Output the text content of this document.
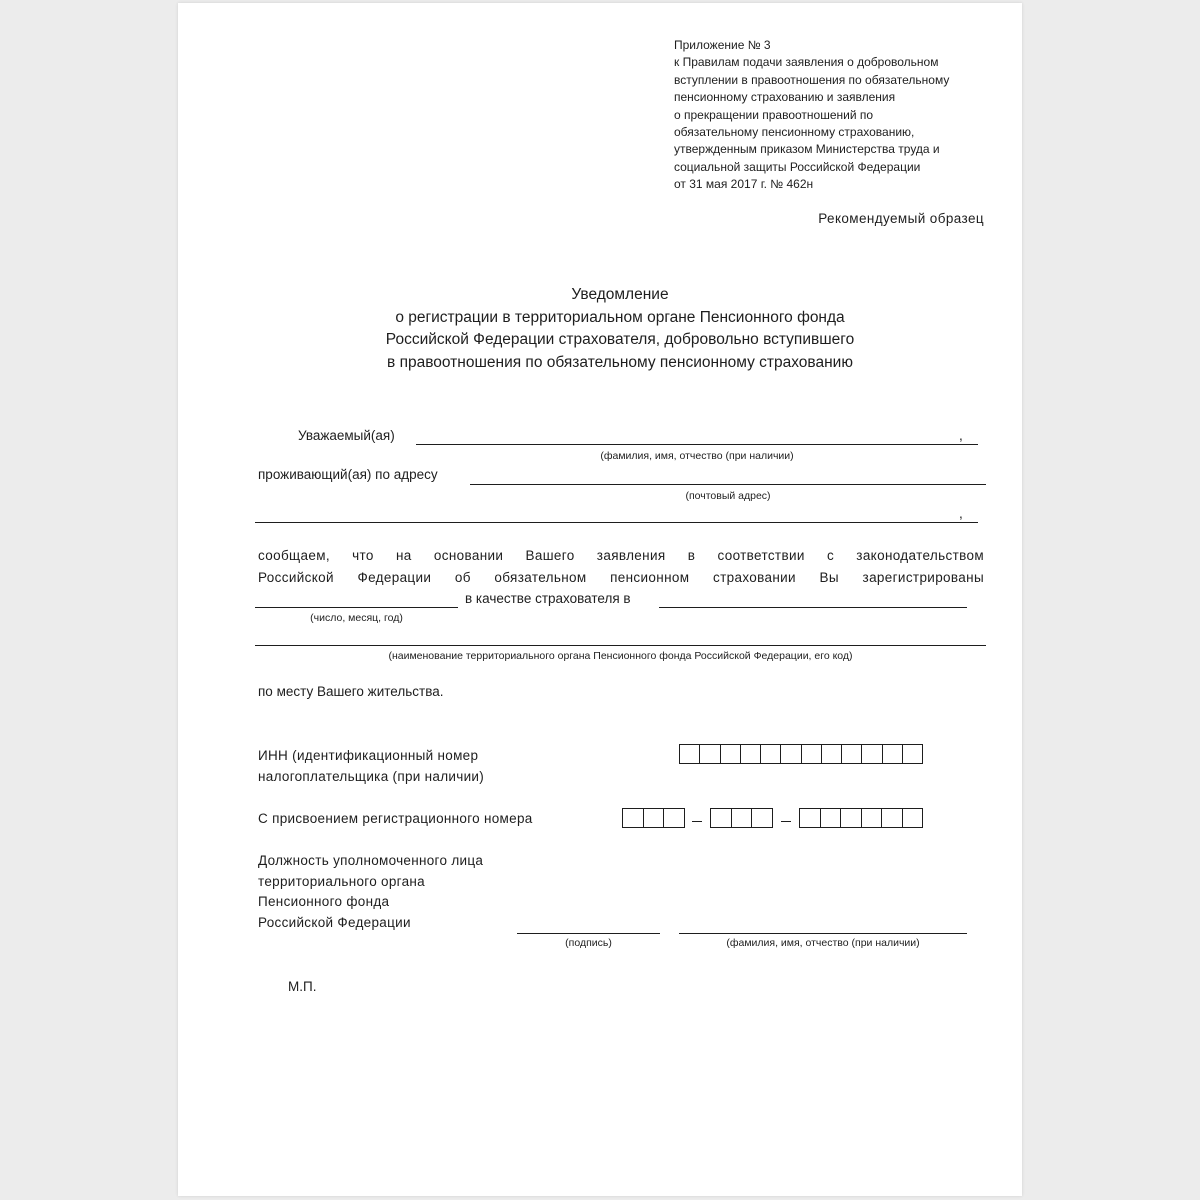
Приложение № 3
к Правилам подачи заявления о добровольном
вступлении в правоотношения по обязательному
пенсионному страхованию и заявления
о прекращении правоотношений по
обязательному пенсионному страхованию,
утвержденным приказом Министерства труда и
социальной защиты Российской Федерации
от 31 мая 2017 г. № 462н
Рекомендуемый образец
Уведомление
о регистрации в территориальном органе Пенсионного фонда
Российской Федерации страхователя, добровольно вступившего
в правоотношения по обязательному пенсионному страхованию
Уважаемый(ая)	,
(фамилия, имя, отчество (при наличии)
проживающий(ая) по адресу
(почтовый адрес)
,
сообщаем, что на основании Вашего заявления в соответствии с законодательством
Российской Федерации об обязательном пенсионном страховании Вы зарегистрированы
в качестве страхователя в
(число, месяц, год)
(наименование территориального органа Пенсионного фонда Российской Федерации, его код)
по месту Вашего жительства.
ИНН (идентификационный номер
налогоплательщика (при наличии)
С присвоением регистрационного номера
Должность уполномоченного лица
территориального органа
Пенсионного фонда
Российской Федерации
(подпись)	(фамилия, имя, отчество (при наличии)
М.П.
